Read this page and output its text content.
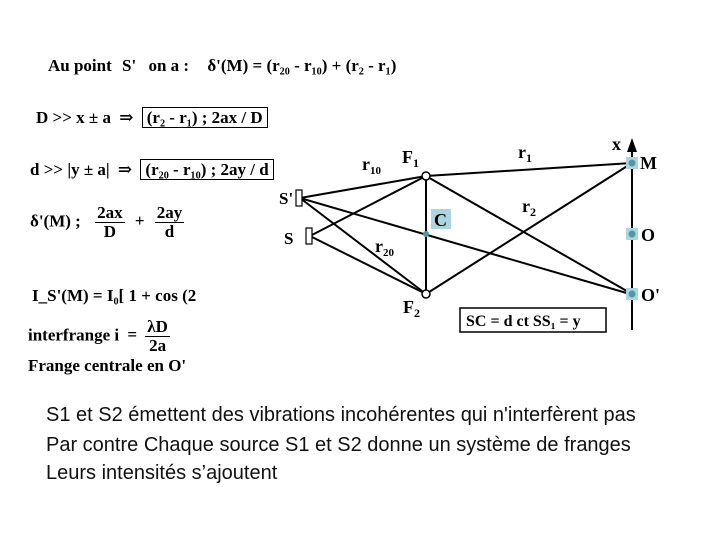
Au point S' on a : δ'(M) = (r₂₀ - r₁₀) + (r₂ - r₁)
D >> x ± a ⇒ (r₂ - r₁) ; 2ax / D
d >> |y ± a| ⇒ (r₂₀ - r₁₀) ; 2ay / d
δ'(M) ; $\frac{2ax}{D} + \frac{2ay}{d}$
I_S'(M) = I₀[ 1 + cos (2
interfrange $i = \frac{\lambda D}{2a}$
Frange centrale en O'
$F_1$
$F_2$
$r_1$
$r_2$
$r_{10}$
$r_{20}$
S'
S
C
x
M
O
O'
SC = d ct SS₁ = y
S1 et S2 émettent des vibrations incohérentes qui n'interfèrent pas
Par contre Chaque source S1 et S2 donne un système de franges
Leurs intensités s’ajoutent
